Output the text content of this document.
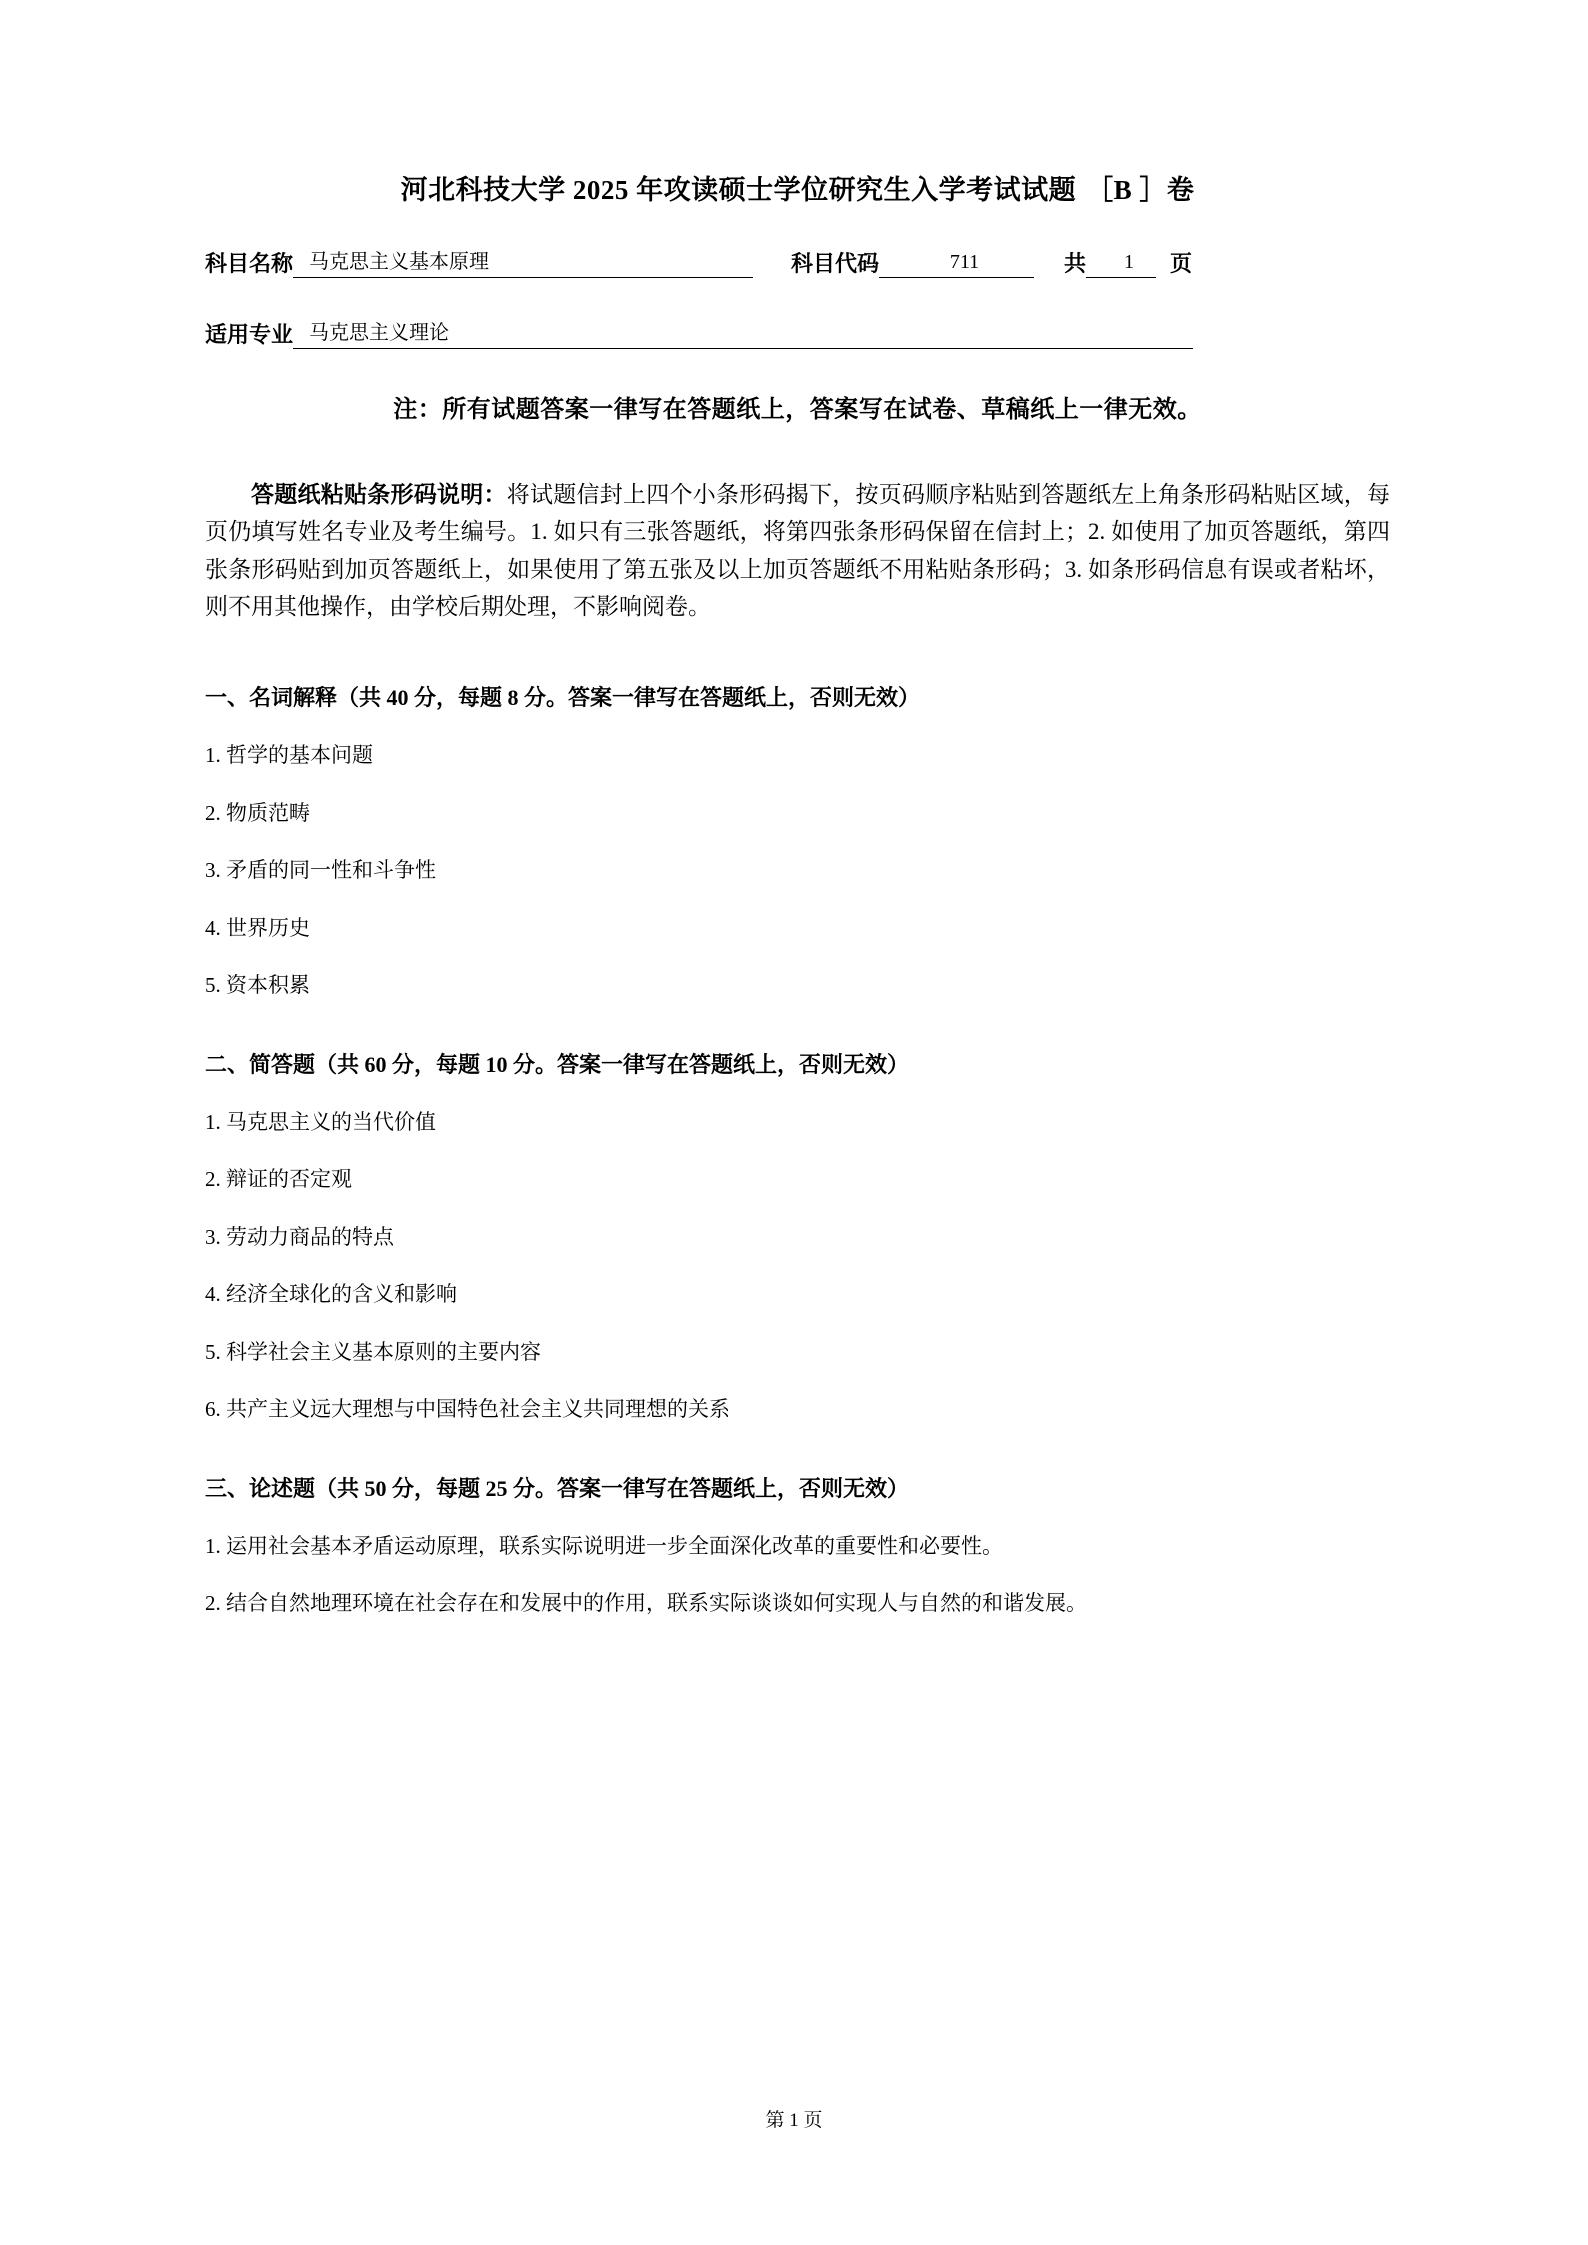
河北科技大学 2025 年攻读硕士学位研究生入学考试试题 ［B ］卷
科目名称 马克思主义基本原理	科目代码	711	共	1	页
适用专业 马克思主义理论
注：所有试题答案一律写在答题纸上，答案写在试卷、草稿纸上一律无效。
答题纸粘贴条形码说明：将试题信封上四个小条形码揭下，按页码顺序粘贴到答题纸左上角条形码粘贴区域，每页仍填写姓名专业及考生编号。1. 如只有三张答题纸，将第四张条形码保留在信封上；2. 如使用了加页答题纸，第四张条形码贴到加页答题纸上，如果使用了第五张及以上加页答题纸不用粘贴条形码；3. 如条形码信息有误或者粘坏，则不用其他操作，由学校后期处理，不影响阅卷。
一、名词解释（共 40 分，每题 8 分。答案一律写在答题纸上，否则无效）
1. 哲学的基本问题
2. 物质范畴
3. 矛盾的同一性和斗争性
4. 世界历史
5. 资本积累
二、简答题（共 60 分，每题 10 分。答案一律写在答题纸上，否则无效）
1. 马克思主义的当代价值
2. 辩证的否定观
3. 劳动力商品的特点
4. 经济全球化的含义和影响
5. 科学社会主义基本原则的主要内容
6. 共产主义远大理想与中国特色社会主义共同理想的关系
三、论述题（共 50 分，每题 25 分。答案一律写在答题纸上，否则无效）
1. 运用社会基本矛盾运动原理，联系实际说明进一步全面深化改革的重要性和必要性。
2. 结合自然地理环境在社会存在和发展中的作用，联系实际谈谈如何实现人与自然的和谐发展。
第 1 页
